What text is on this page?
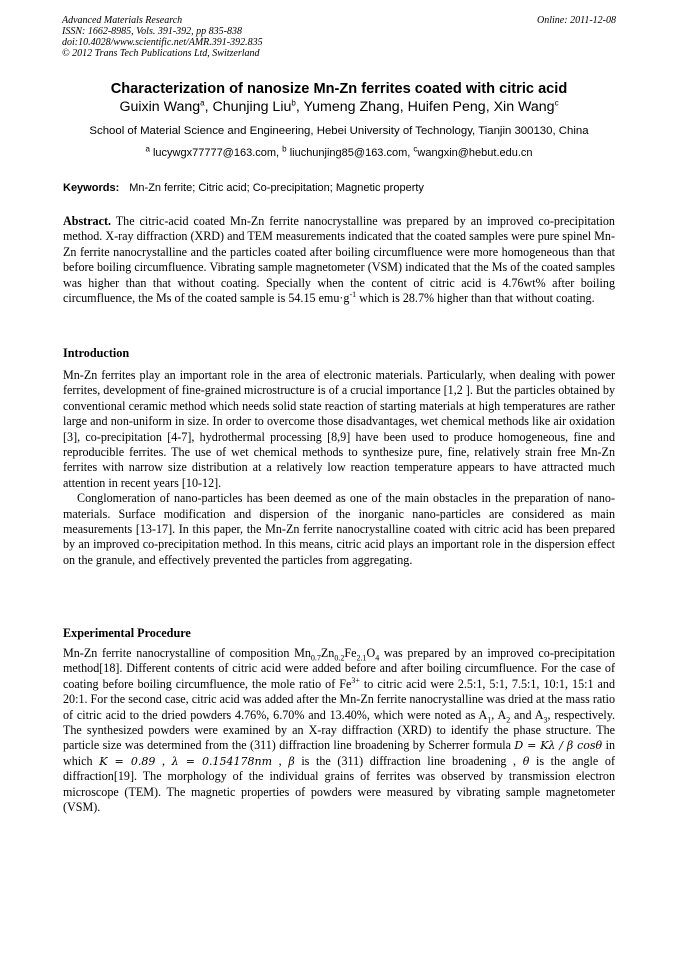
Advanced Materials Research
ISSN: 1662-8985, Vols. 391-392, pp 835-838
doi:10.4028/www.scientific.net/AMR.391-392.835
© 2012 Trans Tech Publications Ltd, Switzerland
Online: 2011-12-08
Characterization of nanosize Mn-Zn ferrites coated with citric acid
Guixin Wang$^a$, Chunjing Liu$^b$, Yumeng Zhang, Huifen Peng, Xin Wang$^c$
School of Material Science and Engineering, Hebei University of Technology, Tianjin 300130, China
$^a$ lucywgx77777@163.com, $^b$ liuchunjing85@163.com, $^c$wangxin@hebut.edu.cn
Keywords: Mn-Zn ferrite; Citric acid; Co-precipitation; Magnetic property
Abstract. The citric-acid coated Mn-Zn ferrite nanocrystalline was prepared by an improved co-precipitation method. X-ray diffraction (XRD) and TEM measurements indicated that the coated samples were pure spinel Mn-Zn ferrite nanocrystalline and the particles coated after boiling circumfluence were more homogeneous than that before boiling circumfluence. Vibrating sample magnetometer (VSM) indicated that the Ms of the coated samples was higher than that without coating. Specially when the content of citric acid is 4.76wt% after boiling circumfluence, the Ms of the coated sample is 54.15 $emu\cdot g^{-1}$ which is 28.7% higher than that without coating.
Introduction

Mn-Zn ferrites play an important role in the area of electronic materials. Particularly, when dealing with power ferrites, development of fine-grained microstructure is of a crucial importance [1,2 ]. But the particles obtained by conventional ceramic method which needs solid state reaction of starting materials at high temperatures are rather large and non-uniform in size. In order to overcome those disadvantages, wet chemical methods like air oxidation [3], co-precipitation [4-7], hydrothermal processing [8,9] have been used to produce homogeneous, fine and reproducible ferrites. The use of wet chemical methods to synthesize pure, fine, relatively strain free Mn-Zn ferrites with narrow size distribution at a relatively low reaction temperature appears to have attracted much attention in recent years [10-12].

Conglomeration of nano-particles has been deemed as one of the main obstacles in the preparation of nano-materials. Surface modification and dispersion of the inorganic nano-particles are considered as main measurements [13-17]. In this paper, the Mn-Zn ferrite nanocrystalline coated with citric acid has been prepared by an improved co-precipitation method. In this means, citric acid plays an important role in the dispersion effect on the granule, and effectively prevented the particles from aggregating.

Experimental Procedure

Mn-Zn ferrite nanocrystalline of composition $Mn_{0.7}Zn_{0.2}Fe_{2.1}O_4$ was prepared by an improved co-precipitation method[18]. Different contents of citric acid were added before and after boiling circumfluence. For the case of coating before boiling circumfluence, the mole ratio of $Fe^{3+}$ to citric acid were 2.5:1, 5:1, 7.5:1, 10:1, 15:1 and 20:1. For the second case, citric acid was added after the Mn-Zn ferrite nanocrystalline was dried at the mass ratio of citric acid to the dried powders 4.76%, 6.70% and 13.40%, which were noted as $A_1$, $A_2$ and $A_3$, respectively. The synthesized powders were examined by an X-ray diffraction (XRD) to identify the phase structure. The particle size was determined from the (311) diffraction line broadening by Scherrer formula D = Kλ / β cosθ in which K = 0.89 , λ = 0.154178nm , β is the (311) diffraction line broadening , θ is the angle of diffraction[19]. The morphology of the individual grains of ferrites was observed by transmission electron microscope (TEM). The magnetic properties of powders were measured by vibrating sample magnetometer (VSM).
